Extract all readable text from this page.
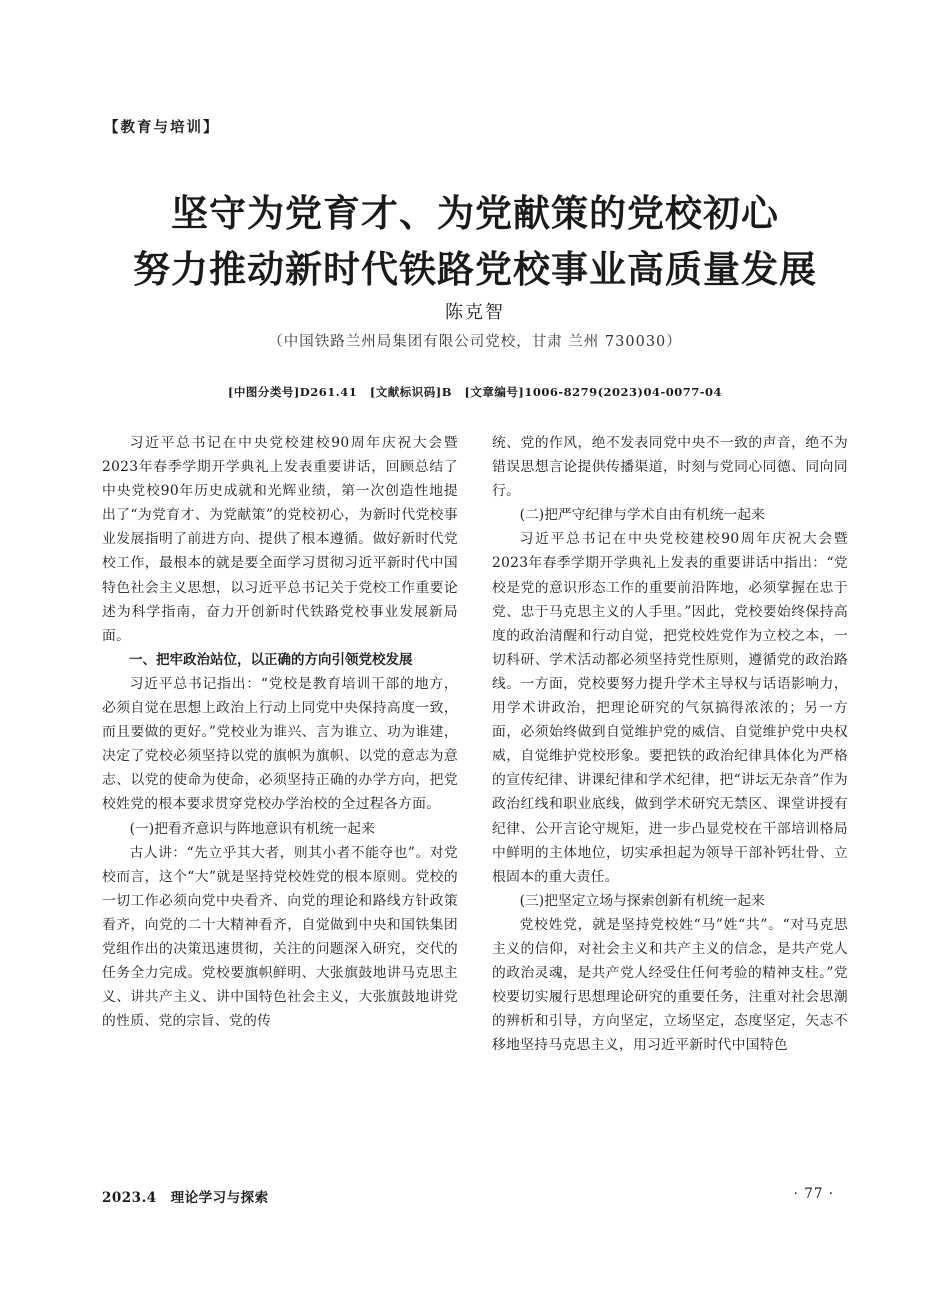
【教育与培训】
坚守为党育才、为党献策的党校初心
努力推动新时代铁路党校事业高质量发展
陈克智
（中国铁路兰州局集团有限公司党校，甘肃 兰州 730030）
[中图分类号]D261.41 [文献标识码]B [文章编号]1006-8279(2023)04-0077-04

习近平总书记在中央党校建校90周年庆祝大会暨2023年春季学期开学典礼上发表重要讲话，回顾总结了中央党校90年历史成就和光辉业绩，第一次创造性地提出了“为党育才、为党献策”的党校初心，为新时代党校事业发展指明了前进方向、提供了根本遵循。做好新时代党校工作，最根本的就是要全面学习贯彻习近平新时代中国特色社会主义思想，以习近平总书记关于党校工作重要论述为科学指南，奋力开创新时代铁路党校事业发展新局面。

一、把牢政治站位，以正确的方向引领党校发展

习近平总书记指出：“党校是教育培训干部的地方，必须自觉在思想上政治上行动上同党中央保持高度一致，而且要做的更好。”党校业为谁兴、言为谁立、功为谁建，决定了党校必须坚持以党的旗帜为旗帜、以党的意志为意志、以党的使命为使命，必须坚持正确的办学方向，把党校姓党的根本要求贯穿党校办学治校的全过程各方面。

(一)把看齐意识与阵地意识有机统一起来

古人讲：“先立乎其大者，则其小者不能夺也”。对党校而言，这个“大”就是坚持党校姓党的根本原则。党校的一切工作必须向党中央看齐、向党的理论和路线方针政策看齐，向党的二十大精神看齐，自觉做到中央和国铁集团党组作出的决策迅速贯彻，关注的问题深入研究，交代的任务全力完成。党校要旗帜鲜明、大张旗鼓地讲马克思主义、讲共产主义、讲中国特色社会主义，大张旗鼓地讲党的性质、党的宗旨、党的传

统、党的作风，绝不发表同党中央不一致的声音，绝不为错误思想言论提供传播渠道，时刻与党同心同德、同向同行。

(二)把严守纪律与学术自由有机统一起来

习近平总书记在中央党校建校90周年庆祝大会暨2023年春季学期开学典礼上发表的重要讲话中指出：“党校是党的意识形态工作的重要前沿阵地，必须掌握在忠于党、忠于马克思主义的人手里。”因此，党校要始终保持高度的政治清醒和行动自觉，把党校姓党作为立校之本，一切科研、学术活动都必须坚持党性原则，遵循党的政治路线。一方面，党校要努力提升学术主导权与话语影响力，用学术讲政治，把理论研究的气氛搞得浓浓的；另一方面，必须始终做到自觉维护党的威信、自觉维护党中央权威，自觉维护党校形象。要把铁的政治纪律具体化为严格的宣传纪律、讲课纪律和学术纪律，把“讲坛无杂音”作为政治红线和职业底线，做到学术研究无禁区、课堂讲授有纪律、公开言论守规矩，进一步凸显党校在干部培训格局中鲜明的主体地位，切实承担起为领导干部补钙壮骨、立根固本的重大责任。

(三)把坚定立场与探索创新有机统一起来

党校姓党，就是坚持党校姓“马”姓“共”。“对马克思主义的信仰，对社会主义和共产主义的信念，是共产党人的政治灵魂，是共产党人经受住任何考验的精神支柱。”党校要切实履行思想理论研究的重要任务，注重对社会思潮的辨析和引导，方向坚定，立场坚定，态度坚定，矢志不移地坚持马克思主义，用习近平新时代中国特色

2023.4 理论学习与探索	· 77 ·
